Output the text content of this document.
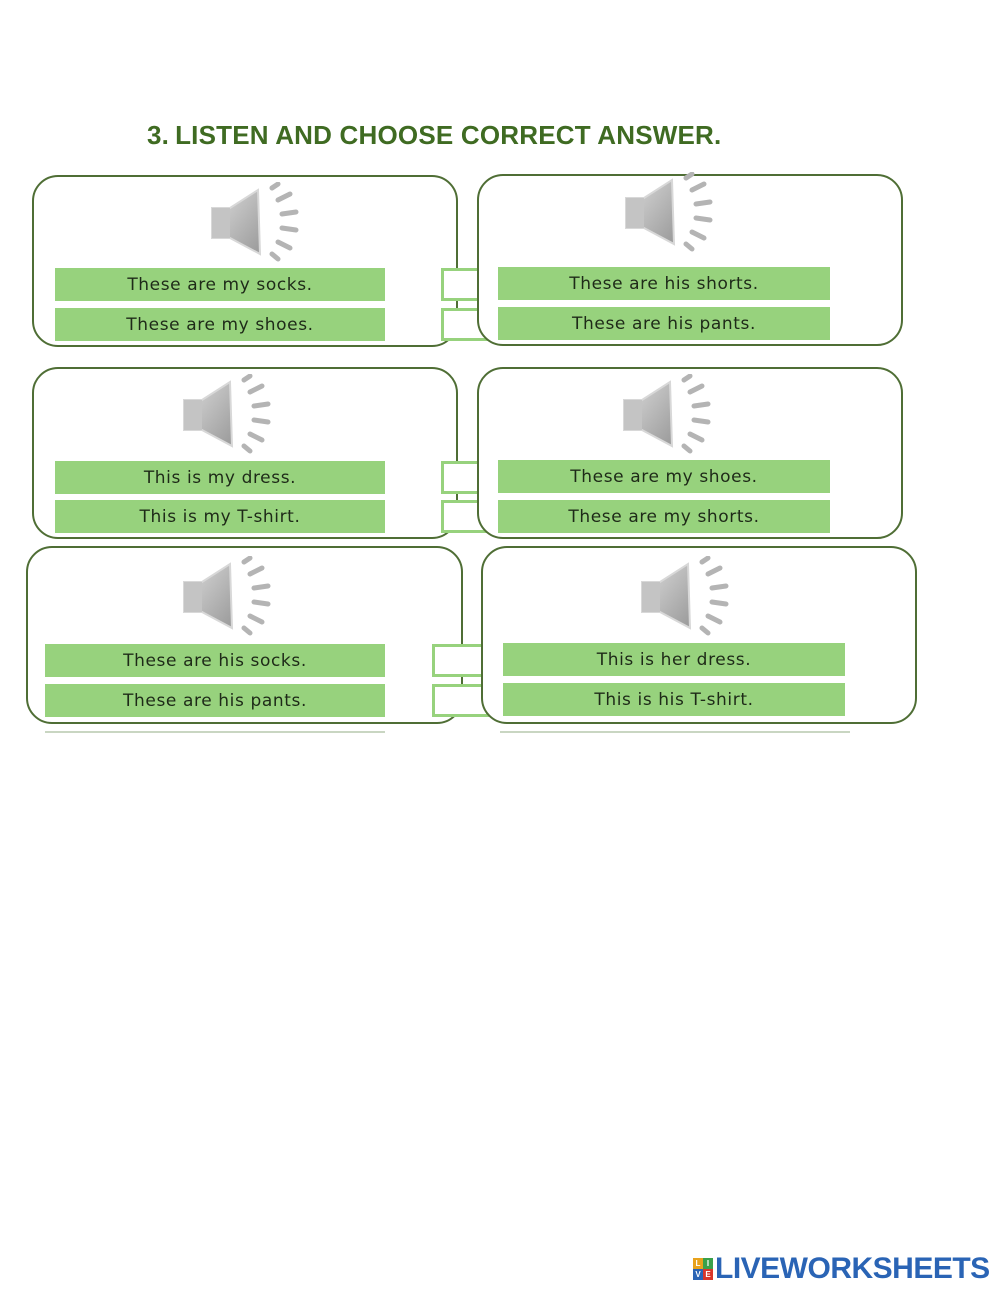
3. LISTEN AND CHOOSE CORRECT ANSWER.
These are my socks.
These are my shoes.
These are his shorts.
These are his pants.
This is my dress.
This is my T-shirt.
These are my shoes.
These are my shorts.
These are his socks.
These are his pants.
This is her dress.
This is his T-shirt.
L I
V E LIVEWORKSHEETS
